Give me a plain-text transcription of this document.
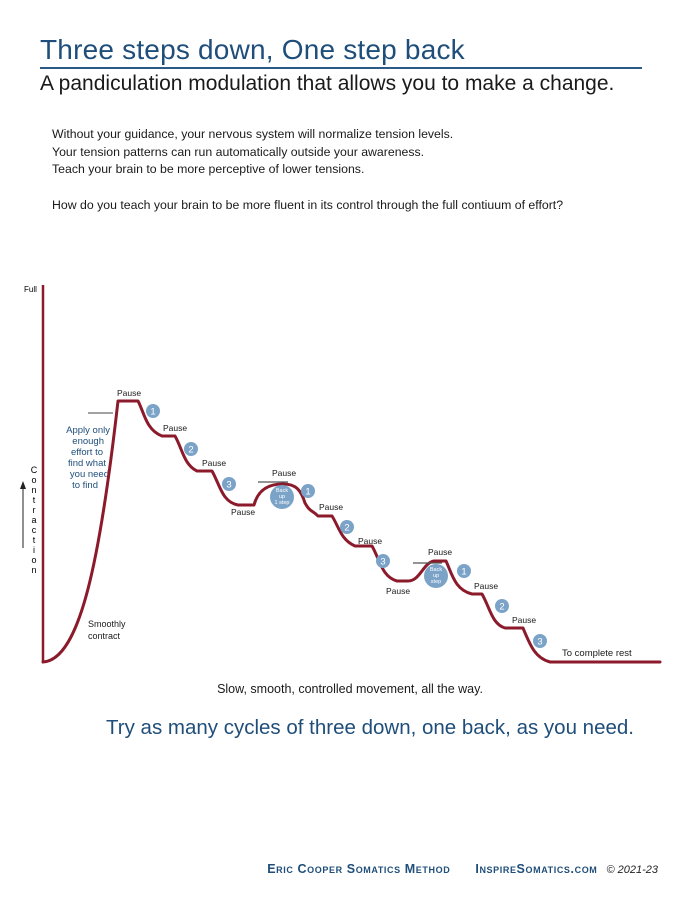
Three steps down, One step back
A pandiculation modulation that allows you to make a change.
Without your guidance, your nervous system will normalize tension levels.
Your tension patterns can run automatically outside your awareness.
Teach your brain to be more perceptive of lower tensions.
How do you teach your brain to be more fluent in its control through the full contiuum of effort?
Full
C
o
n
t
r
a
c
t
i
o
n
Apply only
enough
effort to
find what
you need
to find
Smoothly
contract
Pause
Pause
Pause
Pause
Pause
Pause
Pause
Pause
Pause
Pause
Pause
1
2
3
1
2
3
1
2
3
Back
up
1 step
Back
up
step
To complete rest
Slow, smooth, controlled movement, all the way.
Try as many cycles of three down, one back, as you need.
Eric Cooper Somatics Method InspireSomatics.com © 2021-23
